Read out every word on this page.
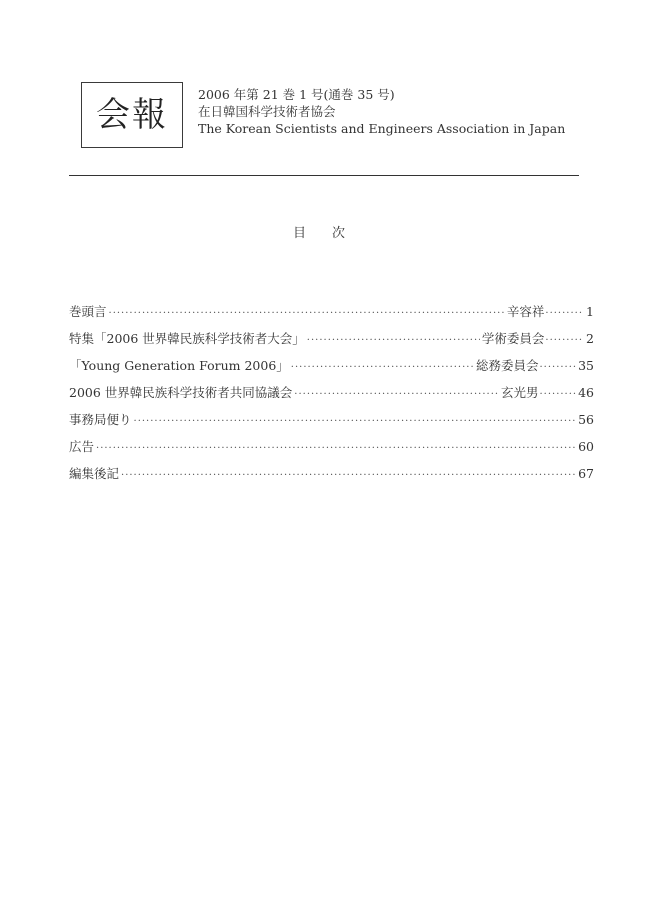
会報
2006 年第 21 巻 1 号(通巻 35 号)
在日韓国科学技術者協会
The Korean Scientists and Engineers Association in Japan
目次
巻頭言 ·····	辛容祥 ·····	1
特集「2006 世界韓民族科学技術者大会」 ·····	学術委員会 ·····	2
「Young Generation Forum 2006」 ·····	総務委員会 ·····	35
2006 世界韓民族科学技術者共同協議会 ·····	玄光男 ·····	46
事務局便り ·····	56
広告 ·····	60
編集後記 ·····	67
